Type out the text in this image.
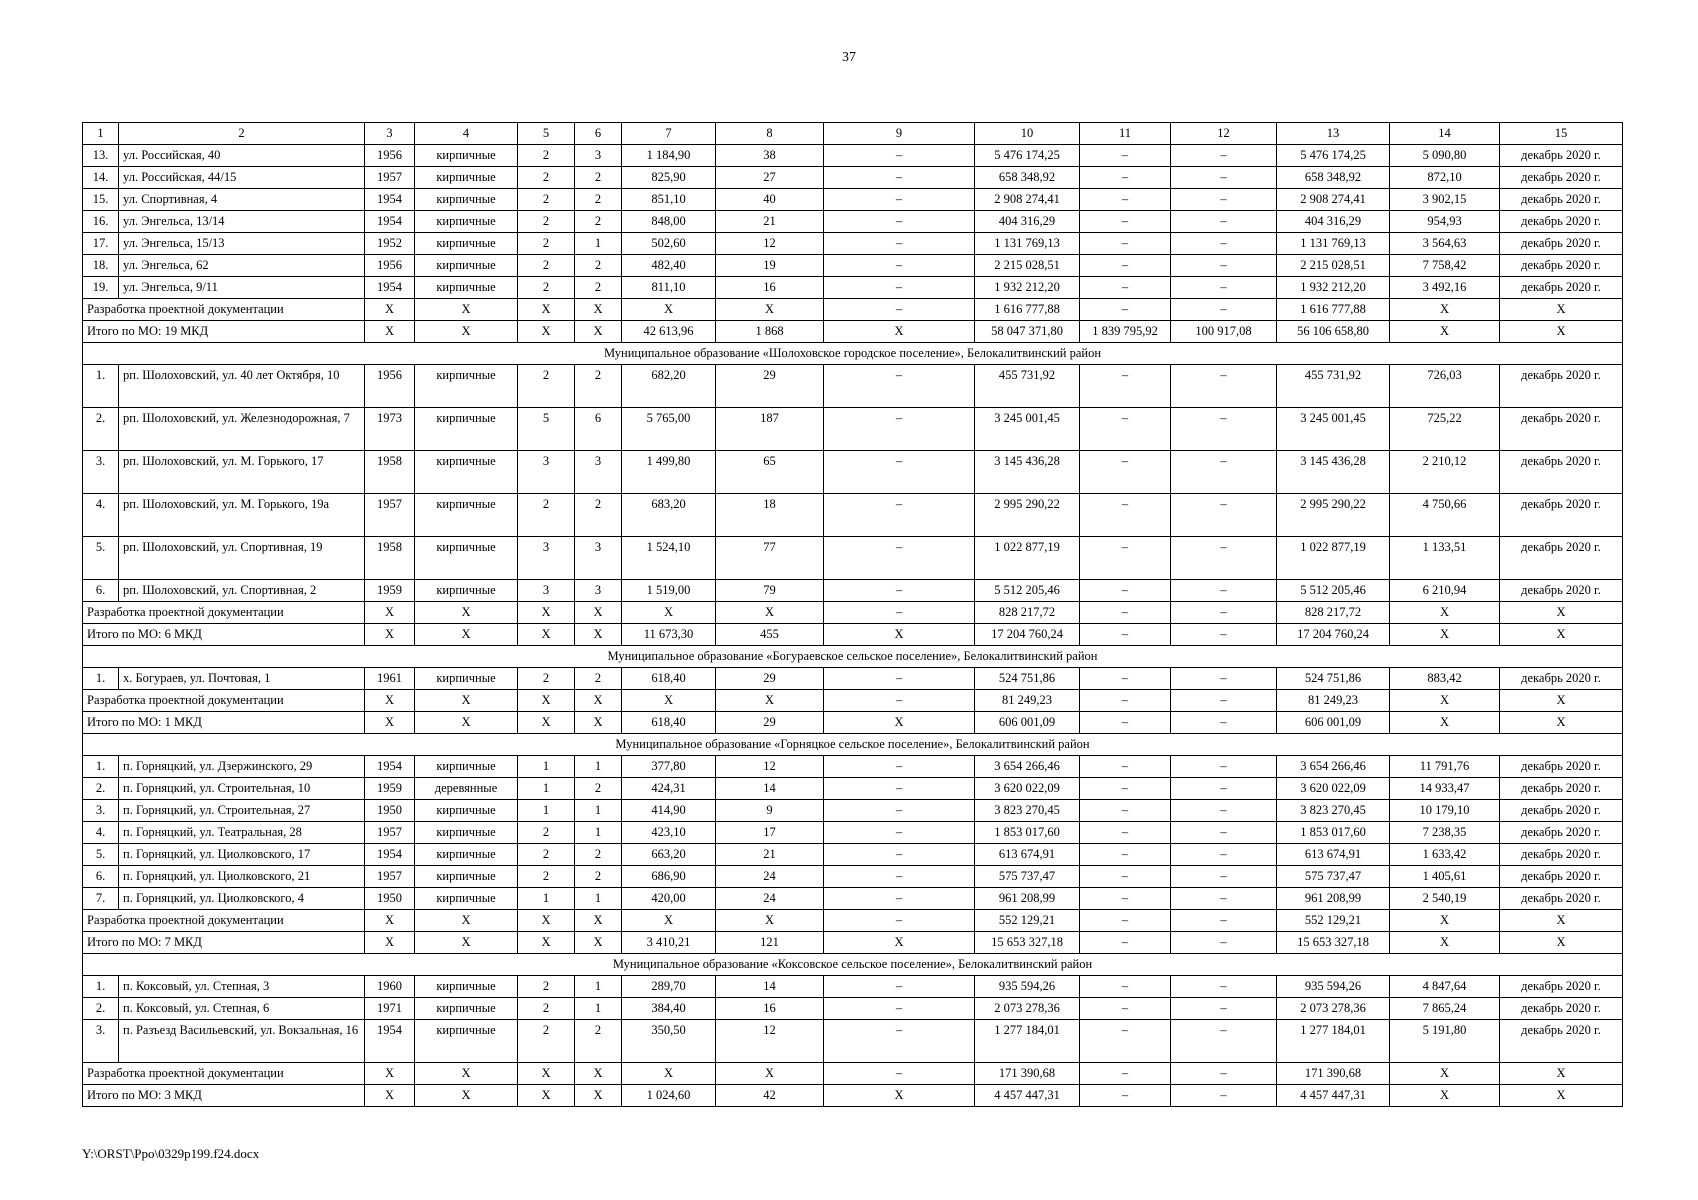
37
1	2	3	4	5	6	7	8	9	10	11	12	13	14	15
13.	ул. Российская, 40	1956	кирпичные	2	3	1 184,90	38	–	5 476 174,25	–	–	5 476 174,25	5 090,80	декабрь 2020 г.
14.	ул. Российская, 44/15	1957	кирпичные	2	2	825,90	27	–	658 348,92	–	–	658 348,92	872,10	декабрь 2020 г.
15.	ул. Спортивная, 4	1954	кирпичные	2	2	851,10	40	–	2 908 274,41	–	–	2 908 274,41	3 902,15	декабрь 2020 г.
16.	ул. Энгельса, 13/14	1954	кирпичные	2	2	848,00	21	–	404 316,29	–	–	404 316,29	954,93	декабрь 2020 г.
17.	ул. Энгельса, 15/13	1952	кирпичные	2	1	502,60	12	–	1 131 769,13	–	–	1 131 769,13	3 564,63	декабрь 2020 г.
18.	ул. Энгельса, 62	1956	кирпичные	2	2	482,40	19	–	2 215 028,51	–	–	2 215 028,51	7 758,42	декабрь 2020 г.
19.	ул. Энгельса, 9/11	1954	кирпичные	2	2	811,10	16	–	1 932 212,20	–	–	1 932 212,20	3 492,16	декабрь 2020 г.
Разработка проектной документации		Х	Х	Х	Х	Х	Х	–	1 616 777,88	–	–	1 616 777,88	Х	Х
Итого по МО: 19 МКД		Х	Х	Х	Х	42 613,96	1 868	Х	58 047 371,80	1 839 795,92	100 917,08	56 106 658,80	Х	Х
Муниципальное образование «Шолоховское городское поселение», Белокалитвинский район														
1.	рп. Шолоховский, ул. 40 лет Октября, 10	1956	кирпичные	2	2	682,20	29	–	455 731,92	–	–	455 731,92	726,03	декабрь 2020 г.
2.	рп. Шолоховский, ул. Железнодорожная, 7	1973	кирпичные	5	6	5 765,00	187	–	3 245 001,45	–	–	3 245 001,45	725,22	декабрь 2020 г.
3.	рп. Шолоховский, ул. М. Горького, 17	1958	кирпичные	3	3	1 499,80	65	–	3 145 436,28	–	–	3 145 436,28	2 210,12	декабрь 2020 г.
4.	рп. Шолоховский, ул. М. Горького, 19а	1957	кирпичные	2	2	683,20	18	–	2 995 290,22	–	–	2 995 290,22	4 750,66	декабрь 2020 г.
5.	рп. Шолоховский, ул. Спортивная, 19	1958	кирпичные	3	3	1 524,10	77	–	1 022 877,19	–	–	1 022 877,19	1 133,51	декабрь 2020 г.
6.	рп. Шолоховский, ул. Спортивная, 2	1959	кирпичные	3	3	1 519,00	79	–	5 512 205,46	–	–	5 512 205,46	6 210,94	декабрь 2020 г.
Разработка проектной документации		Х	Х	Х	Х	Х	Х	–	828 217,72	–	–	828 217,72	Х	Х
Итого по МО: 6 МКД		Х	Х	Х	Х	11 673,30	455	Х	17 204 760,24	–	–	17 204 760,24	Х	Х
Муниципальное образование «Богураевское сельское поселение», Белокалитвинский район														
1.	х. Богураев, ул. Почтовая, 1	1961	кирпичные	2	2	618,40	29	–	524 751,86	–	–	524 751,86	883,42	декабрь 2020 г.
Разработка проектной документации		Х	Х	Х	Х	Х	Х	–	81 249,23	–	–	81 249,23	Х	Х
Итого по МО: 1 МКД		Х	Х	Х	Х	618,40	29	Х	606 001,09	–	–	606 001,09	Х	Х
Муниципальное образование «Горняцкое сельское поселение», Белокалитвинский район														
1.	п. Горняцкий, ул. Дзержинского, 29	1954	кирпичные	1	1	377,80	12	–	3 654 266,46	–	–	3 654 266,46	11 791,76	декабрь 2020 г.
2.	п. Горняцкий, ул. Строительная, 10	1959	деревянные	1	2	424,31	14	–	3 620 022,09	–	–	3 620 022,09	14 933,47	декабрь 2020 г.
3.	п. Горняцкий, ул. Строительная, 27	1950	кирпичные	1	1	414,90	9	–	3 823 270,45	–	–	3 823 270,45	10 179,10	декабрь 2020 г.
4.	п. Горняцкий, ул. Театральная, 28	1957	кирпичные	2	1	423,10	17	–	1 853 017,60	–	–	1 853 017,60	7 238,35	декабрь 2020 г.
5.	п. Горняцкий, ул. Циолковского, 17	1954	кирпичные	2	2	663,20	21	–	613 674,91	–	–	613 674,91	1 633,42	декабрь 2020 г.
6.	п. Горняцкий, ул. Циолковского, 21	1957	кирпичные	2	2	686,90	24	–	575 737,47	–	–	575 737,47	1 405,61	декабрь 2020 г.
7.	п. Горняцкий, ул. Циолковского, 4	1950	кирпичные	1	1	420,00	24	–	961 208,99	–	–	961 208,99	2 540,19	декабрь 2020 г.
Разработка проектной документации		Х	Х	Х	Х	Х	Х	–	552 129,21	–	–	552 129,21	Х	Х
Итого по МО: 7 МКД		Х	Х	Х	Х	3 410,21	121	Х	15 653 327,18	–	–	15 653 327,18	Х	Х
Муниципальное образование «Коксовское сельское поселение», Белокалитвинский район														
1.	п. Коксовый, ул. Степная, 3	1960	кирпичные	2	1	289,70	14	–	935 594,26	–	–	935 594,26	4 847,64	декабрь 2020 г.
2.	п. Коксовый, ул. Степная, 6	1971	кирпичные	2	1	384,40	16	–	2 073 278,36	–	–	2 073 278,36	7 865,24	декабрь 2020 г.
3.	п. Разъезд Васильевский, ул. Вокзальная, 16	1954	кирпичные	2	2	350,50	12	–	1 277 184,01	–	–	1 277 184,01	5 191,80	декабрь 2020 г.
Разработка проектной документации		Х	Х	Х	Х	Х	Х	–	171 390,68	–	–	171 390,68	Х	Х
Итого по МО: 3 МКД		Х	Х	Х	Х	1 024,60	42	Х	4 457 447,31	–	–	4 457 447,31	Х	Х
Y:\ORST\Ppo\0329p199.f24.docx
